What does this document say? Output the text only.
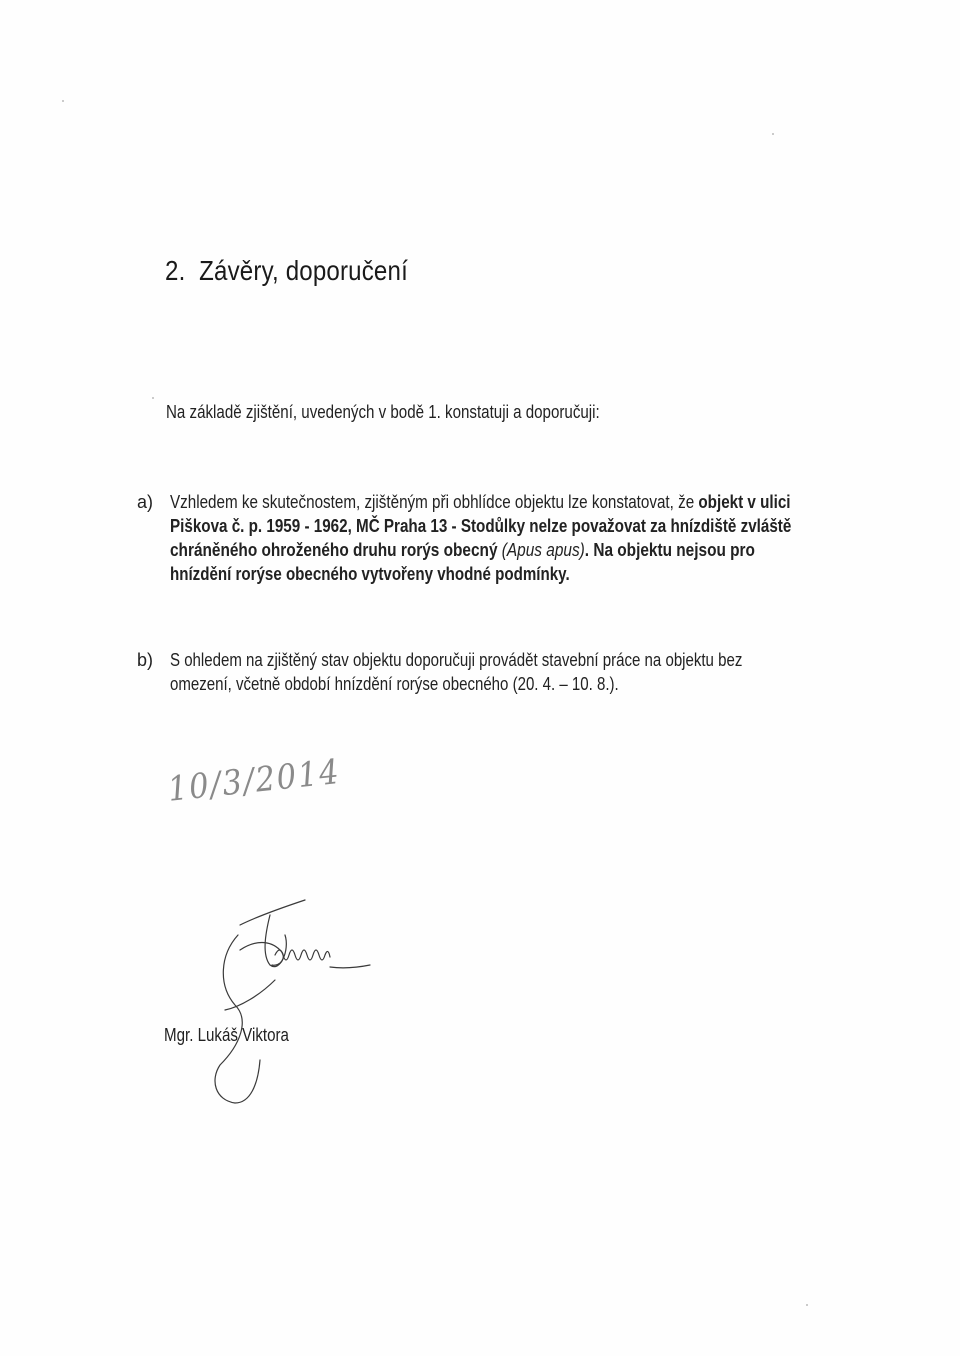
2.  Závěry, doporučení
Na základě zjištění, uvedených v bodě 1. konstatuji a doporučuji:
a) Vzhledem ke skutečnostem, zjištěným při obhlídce objektu lze konstatovat, že objekt v ulici
Piškova č. p. 1959 - 1962, MČ Praha 13 - Stodůlky nelze považovat za hnízdiště zvláště
chráněného ohroženého druhu rorýs obecný (Apus apus). Na objektu nejsou pro
hnízdění rorýse obecného vytvořeny vhodné podmínky.
b) S ohledem na zjištěný stav objektu doporučuji provádět stavební práce na objektu bez
omezení, včetně období hnízdění rorýse obecného (20. 4. – 10. 8.).
10/3/2014
Mgr. Lukáš Viktora
